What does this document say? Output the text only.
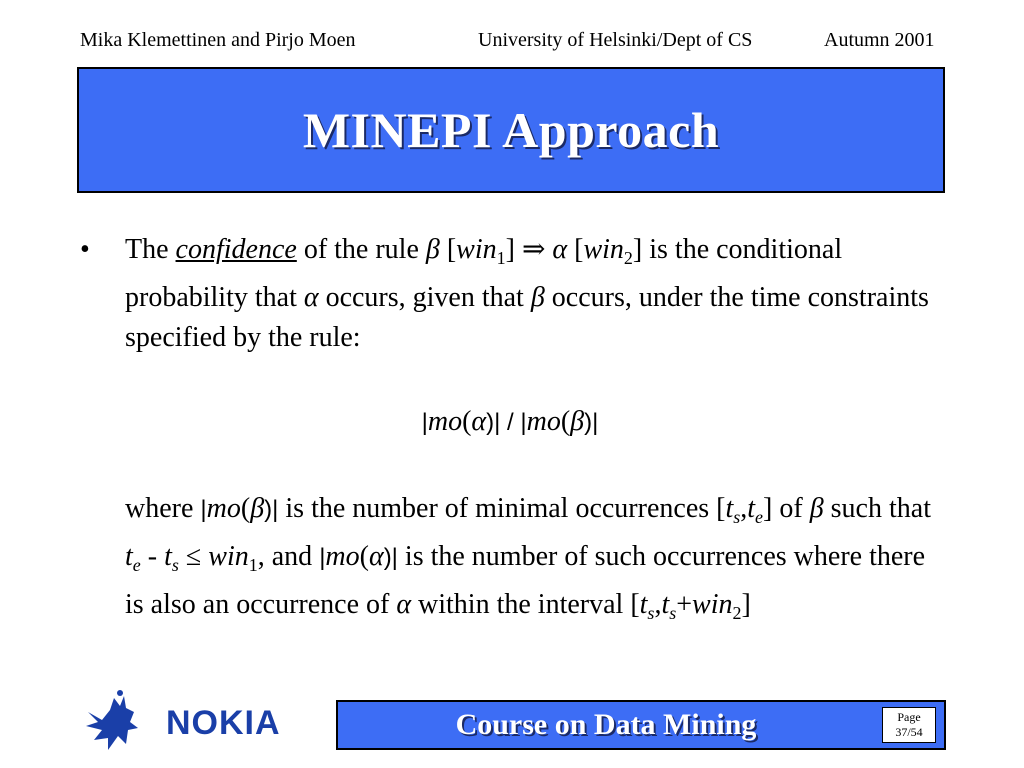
Mika Klemettinen and Pirjo Moen	University of Helsinki/Dept of CS	Autumn 2001
MINEPI Approach
•	The confidence of the rule β [win$_1$] ⇒ α [win$_2$] is the conditional probability that α occurs, given that β occurs, under the time constraints specified by the rule:
|mo(α)| / |mo(β)|
where |mo(β)| is the number of minimal occurrences $[t_s,t_e]$ of β such that $t_e - t_s \le win_1$, and |mo(α)| is the number of such occurrences where there is also an occurrence of α within the interval $[t_s,t_s+win_2]$
NOKIA	Course on Data Mining	Page
37/54
